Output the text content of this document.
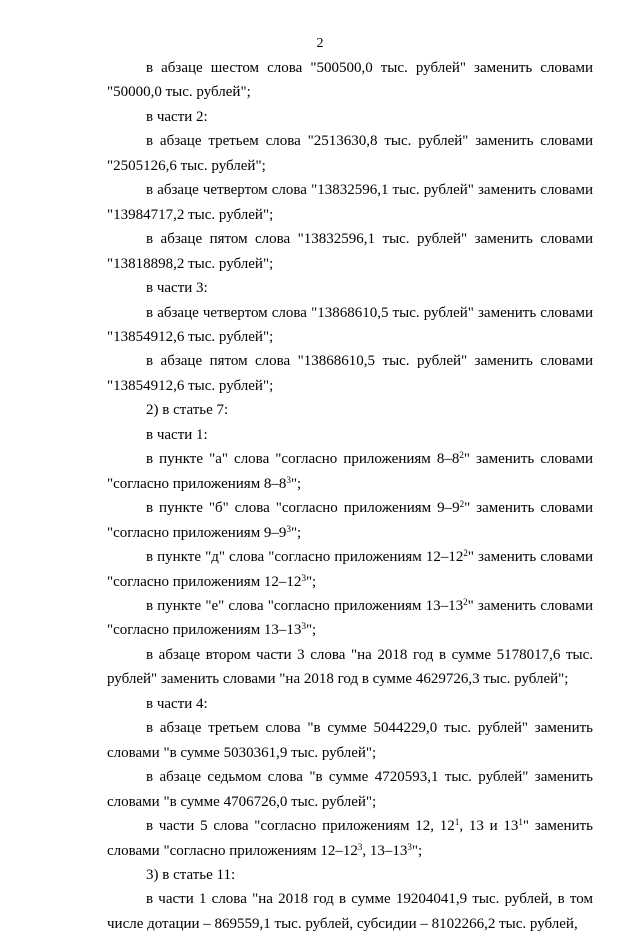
2

в абзаце шестом слова "500500,0 тыс. рублей" заменить словами "50000,0 тыс. рублей";

в части 2:

в абзаце третьем слова "2513630,8 тыс. рублей" заменить словами "2505126,6 тыс. рублей";

в абзаце четвертом слова "13832596,1 тыс. рублей" заменить словами "13984717,2 тыс. рублей";

в абзаце пятом слова "13832596,1 тыс. рублей" заменить словами "13818898,2 тыс. рублей";

в части 3:

в абзаце четвертом слова "13868610,5 тыс. рублей" заменить словами "13854912,6 тыс. рублей";

в абзаце пятом слова "13868610,5 тыс. рублей" заменить словами "13854912,6 тыс. рублей";

2) в статье 7:

в части 1:

в пункте "а" слова "согласно приложениям $8-8^2$" заменить словами "согласно приложениям $8-8^3$";

в пункте "б" слова "согласно приложениям $9-9^2$" заменить словами "согласно приложениям $9-9^3$";

в пункте "д" слова "согласно приложениям $12-12^2$" заменить словами "согласно приложениям $12-12^3$";

в пункте "е" слова "согласно приложениям $13-13^2$" заменить словами "согласно приложениям $13-13^3$";

в абзаце втором части 3 слова "на 2018 год в сумме 5178017,6 тыс. рублей" заменить словами "на 2018 год в сумме 4629726,3 тыс. рублей";

в части 4:

в абзаце третьем слова "в сумме 5044229,0 тыс. рублей" заменить словами "в сумме 5030361,9 тыс. рублей";

в абзаце седьмом слова "в сумме 4720593,1 тыс. рублей" заменить словами "в сумме 4706726,0 тыс. рублей";

в части 5 слова "согласно приложениям 12, $12^1$, 13 и $13^1$" заменить словами "согласно приложениям $12-12^3$, $13-13^3$";

3) в статье 11:

в части 1 слова "на 2018 год в сумме 19204041,9 тыс. рублей, в том числе дотации – 869559,1 тыс. рублей, субсидии – 8102266,2 тыс. рублей,
